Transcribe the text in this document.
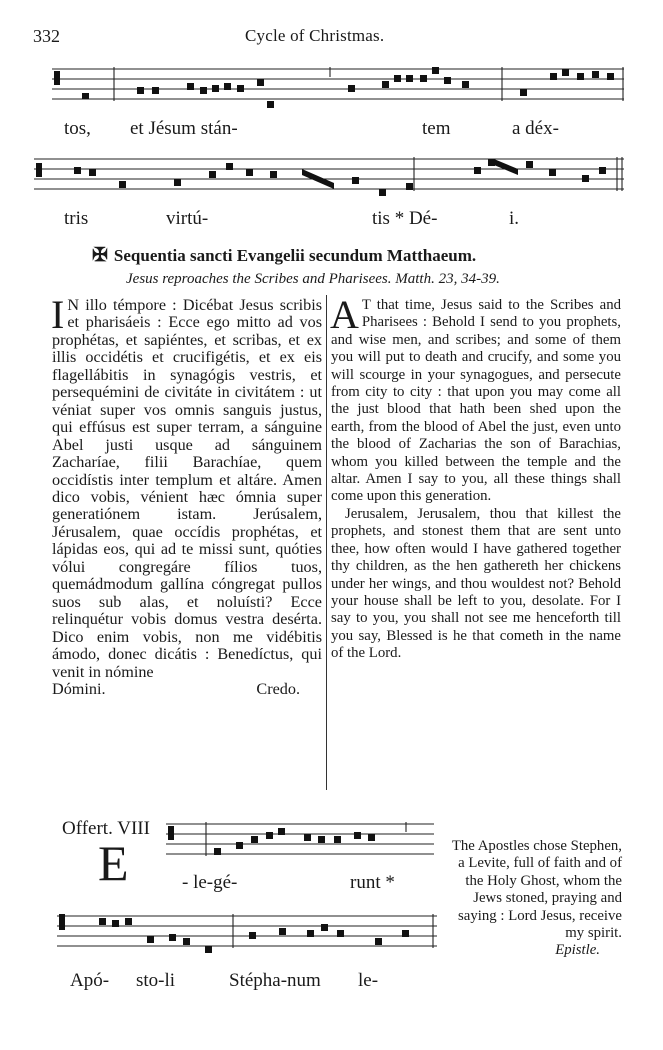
332	Cycle of Christmas.
tos, et Jésum stán-	tem	a déx-
tris	virtú-	tis * Dé-	i.
✠ Sequentia sancti Evangelii secundum Matthaeum.
Jesus reproaches the Scribes and Pharisees. Matth. 23, 34-39.

I N illo témpore : Dicébat Jesus scribis et pharisáeis : Ecce ego mitto ad vos prophétas, et sapiéntes, et scribas, et ex illis occidétis et crucifigétis, et ex eis flagellábitis in synagógis vestris, et persequémini de civitáte in civitátem : ut véniat super vos omnis sanguis justus, qui effúsus est super terram, a sánguine Abel justi usque ad sánguinem Zacharíae, filii Barachíae, quem occidístis inter templum et altáre. Amen dico vobis, vénient hæc ómnia super generatiónem istam. Jerúsalem, Jérusalem, quae occídis prophétas, et lápidas eos, qui ad te missi sunt, quóties vólui congregáre fílios tuos, quemádmodum gallína cóngregat pullos suos sub alas, et noluísti? Ecce relinquétur vobis domus vestra desérta. Dico enim vobis, non me vidébitis ámodo, donec dicátis : Benedíctus, qui venit in nómine

Dómini.	Credo.

A T that time, Jesus said to the Scribes and Pharisees : Behold I send to you prophets, and wise men, and scribes; and some of them you will put to death and crucify, and some you will scourge in your synagogues, and persecute from city to city : that upon you may come all the just blood that hath been shed upon the earth, from the blood of Abel the just, even unto the blood of Zacharias the son of Barachias, whom you killed between the temple and the altar. Amen I say to you, all these things shall come upon this generation.

Jerusalem, Jerusalem, thou that killest the prophets, and stonest them that are sent unto thee, how often would I have gathered together thy children, as the hen gathereth her chickens under her wings, and thou wouldest not? Behold your house shall be left to you, desolate. For I say to you, you shall not see me henceforth till you say, Blessed is he that cometh in the name of the Lord.

Offert. VIII
E	- le-gé-	runt *
Apó- sto-li	Stépha-num le-
The Apostles chose Stephen, a Levite, full of faith and of the Holy Ghost, whom the Jews stoned, praying and saying : Lord Jesus, receive my spirit.
Epistle.
